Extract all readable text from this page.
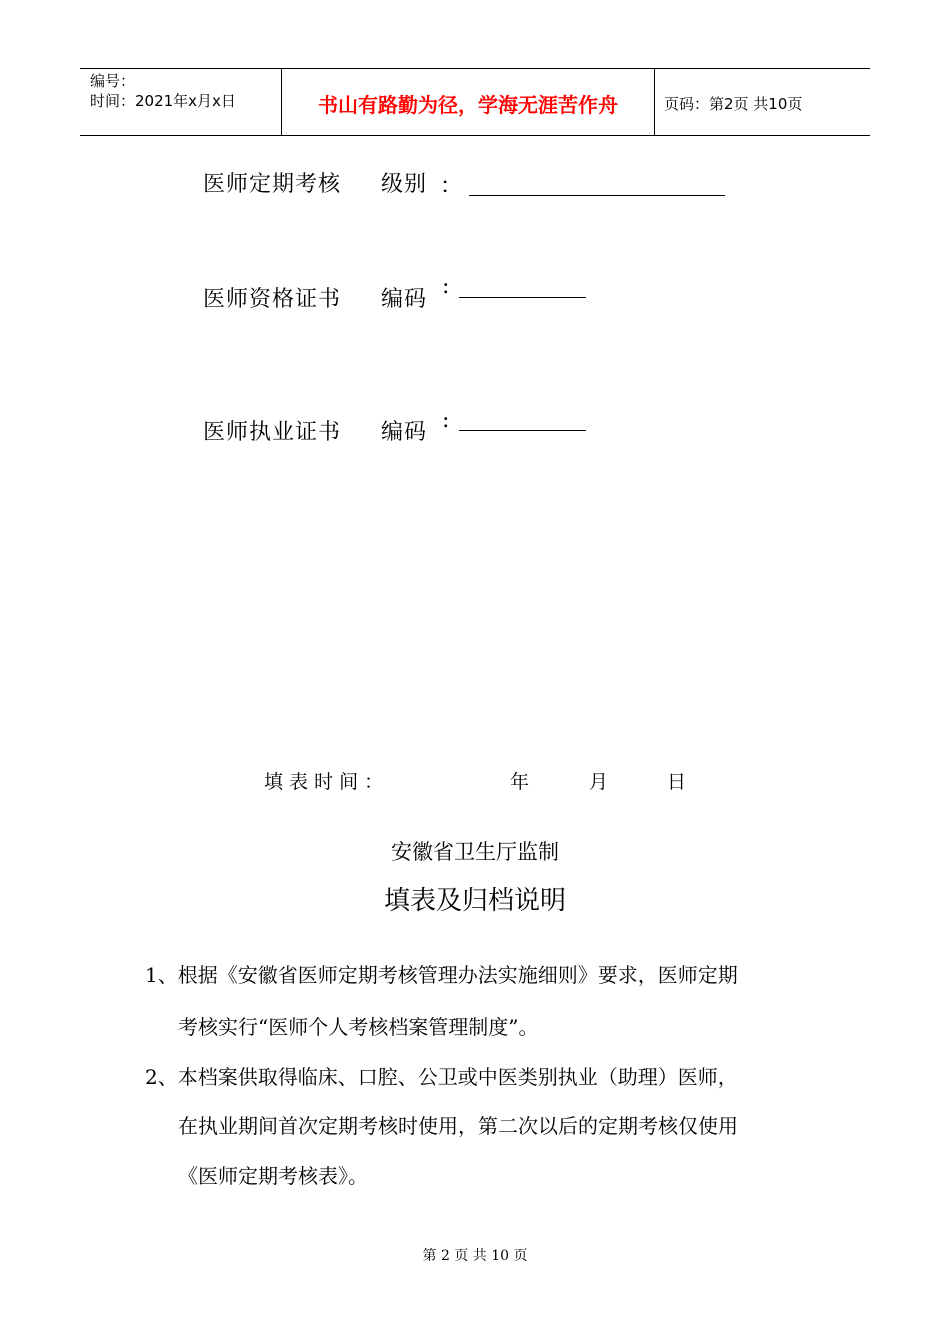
编号：
时间：2021年x月x日	书山有路勤为径，学海无涯苦作舟	页码：第2页 共10页
医师定期考核 级别 ：
医师资格证书 编码
:
医师执业证书 编码 :
填 表 时 间 ：	年	月	日
安徽省卫生厅监制
填表及归档说明
1、根据《安徽省医师定期考核管理办法实施细则》要求，医师定期
考核实行“医师个人考核档案管理制度”。
2、本档案供取得临床、口腔、公卫或中医类别执业（助理）医师，
在执业期间首次定期考核时使用，第二次以后的定期考核仅使用
《医师定期考核表》。
第 2 页 共 10 页
